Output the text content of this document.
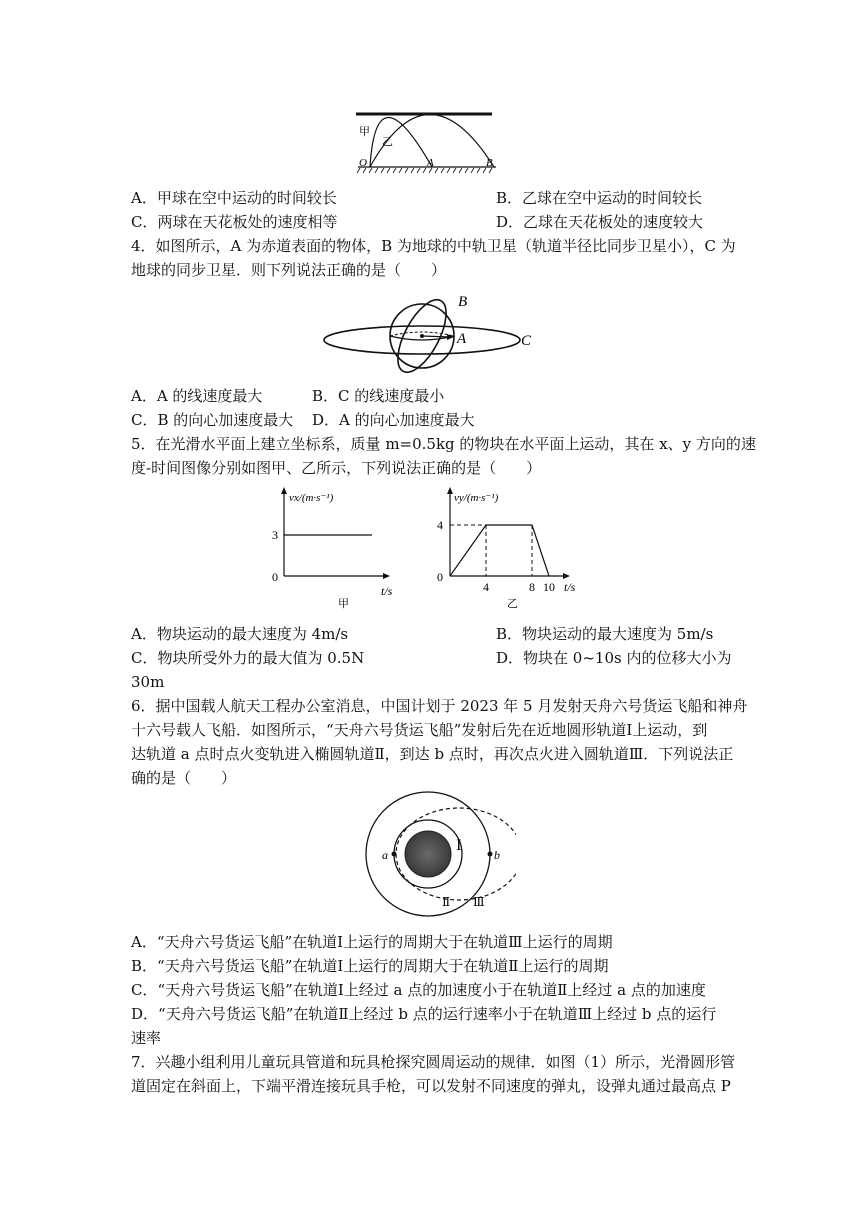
甲
乙
O	A	B
A．甲球在空中运动的时间较长	B．乙球在空中运动的时间较长
C．两球在天花板处的速度相等	D．乙球在天花板处的速度较大
4．如图所示，A 为赤道表面的物体，B 为地球的中轨卫星（轨道半径比同步卫星小），C 为
地球的同步卫星．则下列说法正确的是（　　）
B
A	C
A．A 的线速度最大	B．C 的线速度最小
C．B 的向心加速度最大	D．A 的向心加速度最大
5．在光滑水平面上建立坐标系，质量 m=0.5kg 的物块在水平面上运动，其在 x、y 方向的速
度-时间图像分别如图甲、乙所示，下列说法正确的是（　　）
vx/(m·s⁻¹)
3
0
t/s
甲
vy/(m·s⁻¹)
4
0
4	8 10 t/s
乙
A．物块运动的最大速度为 4m/s	B．物块运动的最大速度为 5m/s
C．物块所受外力的最大值为 0.5N	D．物块在 0~10s 内的位移大小为
30m
6．据中国载人航天工程办公室消息，中国计划于 2023 年 5 月发射天舟六号货运飞船和神舟
十六号载人飞船．如图所示，“天舟六号货运飞船”发射后先在近地圆形轨道Ⅰ上运动，到
达轨道 a 点时点火变轨进入椭圆轨道Ⅱ，到达 b 点时，再次点火进入圆轨道Ⅲ．下列说法正
确的是（　　）
a	b
Ⅰ
Ⅱ Ⅲ
A．“天舟六号货运飞船”在轨道Ⅰ上运行的周期大于在轨道Ⅲ上运行的周期
B．“天舟六号货运飞船”在轨道Ⅰ上运行的周期大于在轨道Ⅱ上运行的周期
C．“天舟六号货运飞船”在轨道Ⅰ上经过 a 点的加速度小于在轨道Ⅱ上经过 a 点的加速度
D．“天舟六号货运飞船”在轨道Ⅱ上经过 b 点的运行速率小于在轨道Ⅲ上经过 b 点的运行
速率
7．兴趣小组利用儿童玩具管道和玩具枪探究圆周运动的规律．如图（1）所示，光滑圆形管
道固定在斜面上，下端平滑连接玩具手枪，可以发射不同速度的弹丸，设弹丸通过最高点 P
